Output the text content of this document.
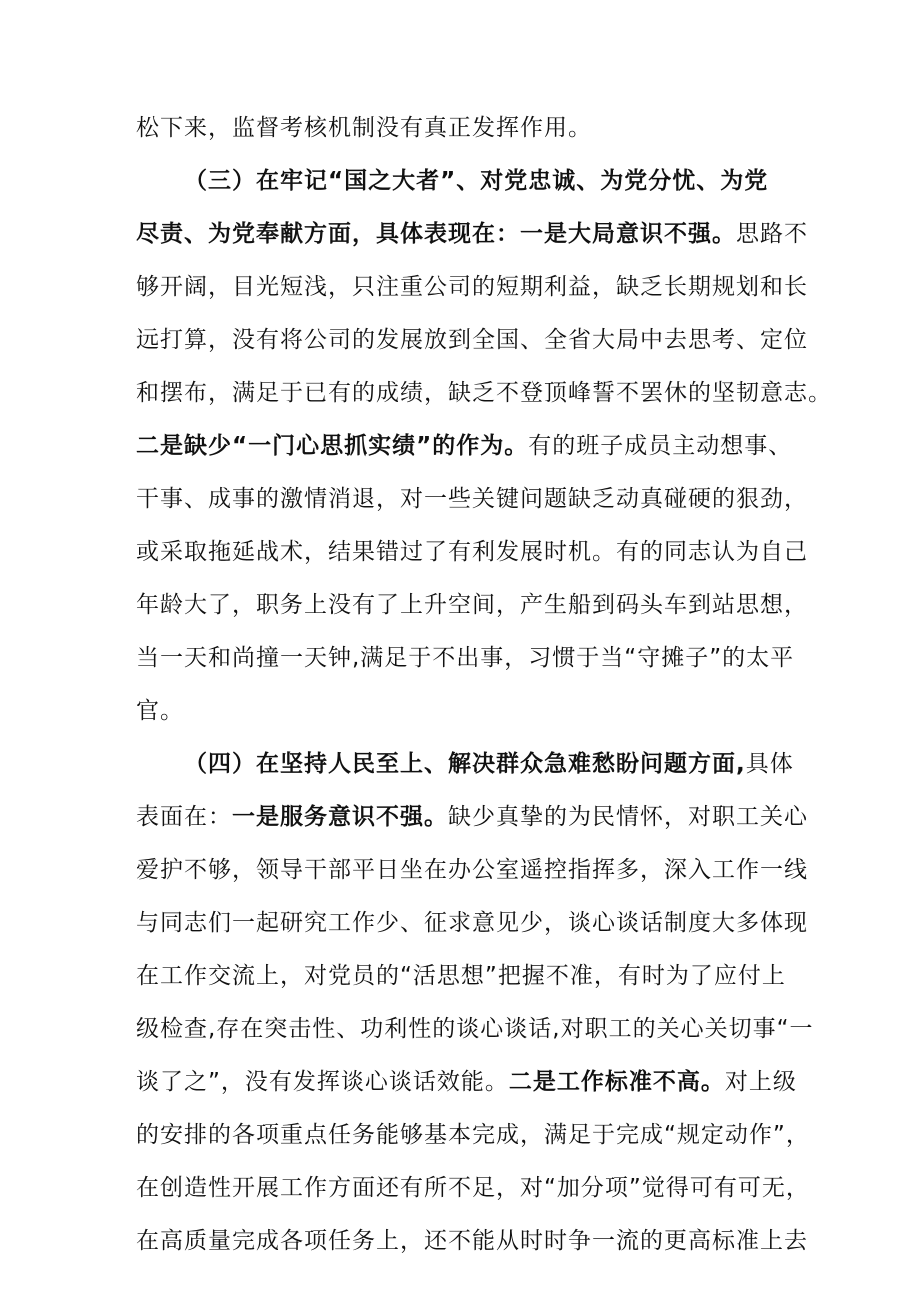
松下来，监督考核机制没有真正发挥作用。
（三）在牢记“国之大者”、对党忠诚、为党分忧、为党
尽责、为党奉献方面，具体表现在：一是大局意识不强。思路不
够开阔，目光短浅，只注重公司的短期利益，缺乏长期规划和长
远打算，没有将公司的发展放到全国、全省大局中去思考、定位
和摆布，满足于已有的成绩，缺乏不登顶峰誓不罢休的坚韧意志。
二是缺少“一门心思抓实绩”的作为。有的班子成员主动想事、
干事、成事的激情消退，对一些关键问题缺乏动真碰硬的狠劲，
或采取拖延战术，结果错过了有利发展时机。有的同志认为自己
年龄大了，职务上没有了上升空间，产生船到码头车到站思想，
当一天和尚撞一天钟,满足于不出事，习惯于当“守摊子”的太平
官。
（四）在坚持人民至上、解决群众急难愁盼问题方面,具体
表面在：一是服务意识不强。缺少真挚的为民情怀，对职工关心
爱护不够，领导干部平日坐在办公室遥控指挥多，深入工作一线
与同志们一起研究工作少、征求意见少，谈心谈话制度大多体现
在工作交流上，对党员的“活思想”把握不准，有时为了应付上
级检查,存在突击性、功利性的谈心谈话,对职工的关心关切事“一
谈了之”，没有发挥谈心谈话效能。二是工作标准不高。对上级
的安排的各项重点任务能够基本完成，满足于完成“规定动作”，
在创造性开展工作方面还有所不足，对“加分项”觉得可有可无，
在高质量完成各项任务上，还不能从时时争一流的更高标准上去
